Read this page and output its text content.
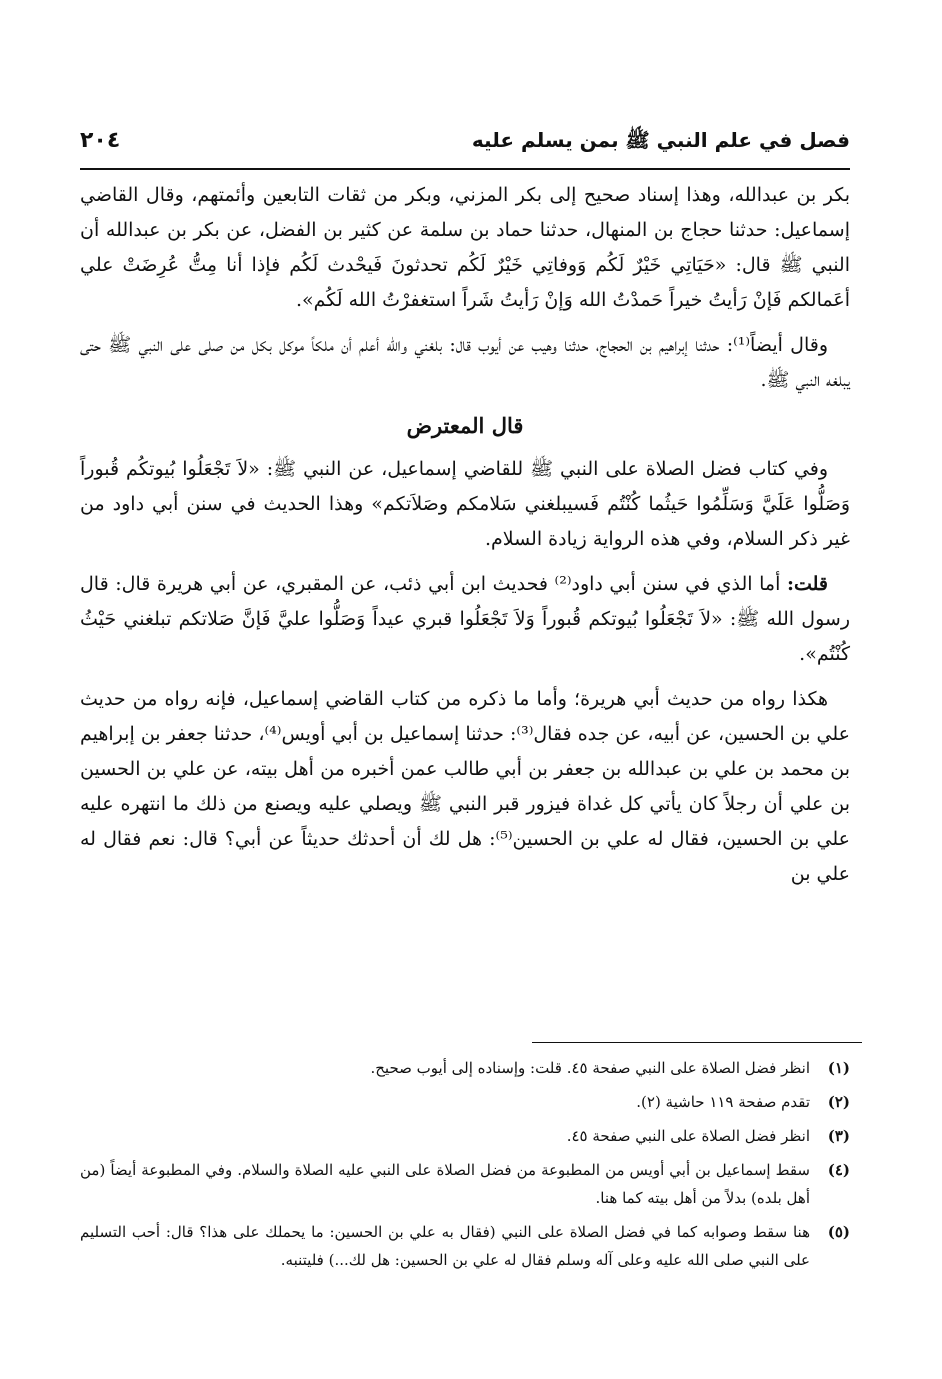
فصل في علم النبي ﷺ بمن يسلم عليه
٢٠٤

بكر بن عبدالله، وهذا إسناد صحيح إلى بكر المزني، وبكر من ثقات التابعين وأئمتهم، وقال القاضي إسماعيل: حدثنا حجاج بن المنهال، حدثنا حماد بن سلمة عن كثير بن الفضل، عن بكر بن عبدالله أن النبي ﷺ قال: «حَيَاتِي خَيْرٌ لَكُم وَوفاتِي خَيْرٌ لَكُم تحدثونَ فَيحْدث لَكُم فإذا أنا مِتُّ عُرِضَتْ علي أعَمالكم فَإنْ رَأيتُ خيراً حَمدْتُ الله وَإنْ رَأيتُ شَراً استغفرْتُ الله لَكُم».

وقال أيضاً⁽¹⁾: حدثنا إبراهيم بن الحجاج، حدثنا وهيب عن أيوب قال: بلغني والله أعلم أن ملكاً موكل بكل من صلى على النبي ﷺ حتى يبلغه النبي ﷺ.

قال المعترض

وفي كتاب فضل الصلاة على النبي ﷺ للقاضي إسماعيل، عن النبي ﷺ: «لاَ تَجْعَلُوا بُيوتكُم قُبوراً وَصَلُّوا عَلَيَّ وَسَلِّمُوا حَيثُما كُنْتُم فَسيبلغني سَلامكم وصَلاَتكم» وهذا الحديث في سنن أبي داود من غير ذكر السلام، وفي هذه الرواية زيادة السلام.

قلت: أما الذي في سنن أبي داود⁽²⁾ فحديث ابن أبي ذئب، عن المقبري، عن أبي هريرة قال: قال رسول الله ﷺ: «لاَ تَجْعَلُوا بُيوتكم قُبوراً وَلاَ تَجْعَلُوا قبري عيداً وَصَلُّوا عليَّ فَإنَّ صَلاتكم تبلغني حَيْثُ كُنْتُم».

هكذا رواه من حديث أبي هريرة؛ وأما ما ذكره من كتاب القاضي إسماعيل، فإنه رواه من حديث علي بن الحسين، عن أبيه، عن جده فقال⁽³⁾: حدثنا إسماعيل بن أبي أويس⁽⁴⁾، حدثنا جعفر بن إبراهيم بن محمد بن علي بن عبدالله بن جعفر بن أبي طالب عمن أخبره من أهل بيته، عن علي بن الحسين بن علي أن رجلاً كان يأتي كل غداة فيزور قبر النبي ﷺ ويصلي عليه ويصنع من ذلك ما انتهره عليه علي بن الحسين، فقال له علي بن الحسين⁽⁵⁾: هل لك أن أحدثك حديثاً عن أبي؟ قال: نعم فقال له علي بن

(١)
انظر فضل الصلاة على النبي صفحة ٤٥. قلت: وإسناده إلى أيوب صحيح.
(٢)
تقدم صفحة ١١٩ حاشية (٢).
(٣)
انظر فضل الصلاة على النبي صفحة ٤٥.
(٤)
سقط إسماعيل بن أبي أويس من المطبوعة من فضل الصلاة على النبي عليه الصلاة والسلام. وفي المطبوعة أيضاً (من أهل بلده) بدلاً من أهل بيته كما هنا.
(٥)
هنا سقط وصوابه كما في فضل الصلاة على النبي (فقال به علي بن الحسين: ما يحملك على هذا؟ قال: أحب التسليم على النبي صلى الله عليه وعلى آله وسلم فقال له علي بن الحسين: هل لك...) فليتنبه.
